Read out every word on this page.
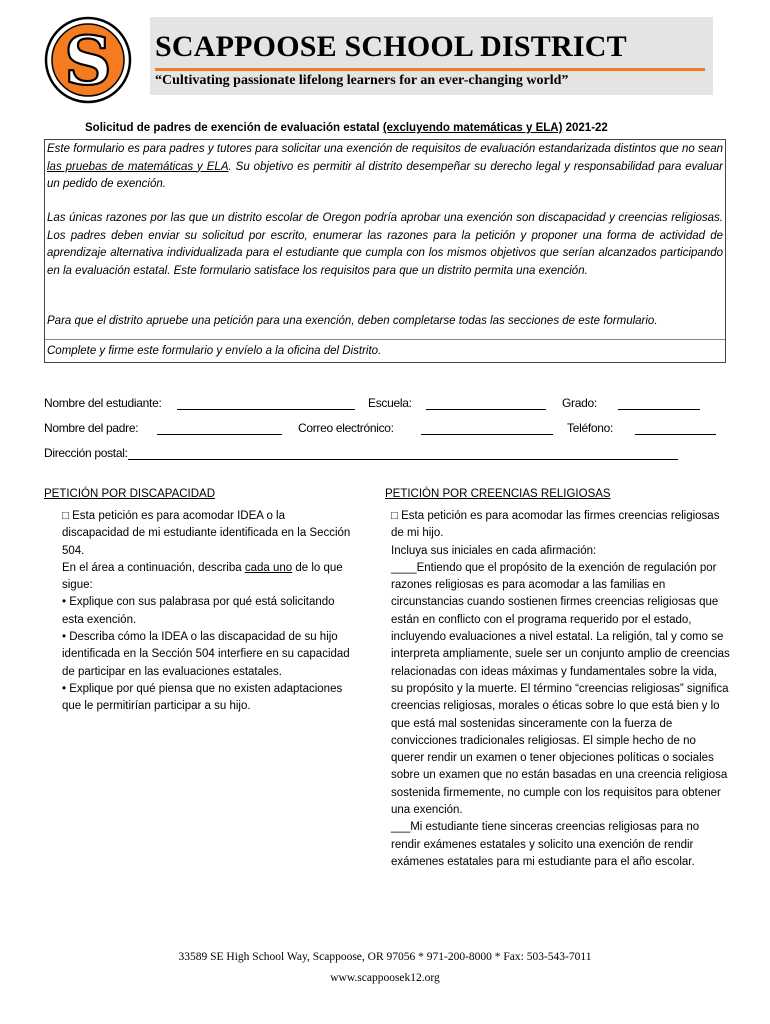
S SCAPPOOSE SCHOOL DISTRICT
“Cultivating passionate lifelong learners for an ever-changing world”
Solicitud de padres de exención de evaluación estatal (excluyendo matemáticas y ELA) 2021-22

Este formulario es para padres y tutores para solicitar una exención de requisitos de evaluación estandarizada distintos que no sean las pruebas de matemáticas y ELA. Su objetivo es permitir al distrito desempeñar su derecho legal y responsabilidad para evaluar un pedido de exención.

Las únicas razones por las que un distrito escolar de Oregon podría aprobar una exención son discapacidad y creencias religiosas. Los padres deben enviar su solicitud por escrito, enumerar las razones para la petición y proponer una forma de actividad de aprendizaje alternativa individualizada para el estudiante que cumpla con los mismos objetivos que serían alcanzados participando en la evaluación estatal. Este formulario satisface los requisitos para que un distrito permita una exención.

Para que el distrito apruebe una petición para una exención, deben completarse todas las secciones de este formulario.

Complete y firme este formulario y envíelo a la oficina del Distrito.

Nombre del estudiante:	Escuela:	Grado:
Nombre del padre:	Correo electrónico:	Teléfono:
Dirección postal:
PETICIÓN POR DISCAPACIDAD

□ Esta petición es para acomodar IDEA o la discapacidad de mi estudiante identificada en la Sección 504.

En el área a continuación, describa cada uno de lo que sigue:

• Explique con sus palabrasa por qué está solicitando esta exención.

• Describa cómo la IDEA o las discapacidad de su hijo identificada en la Sección 504 interfiere en su capacidad de participar en las evaluaciones estatales.

• Explique por qué piensa que no existen adaptaciones que le permitirían participar a su hijo.

PETICIÓN POR CREENCIAS RELIGIOSAS

□ Esta petición es para acomodar las firmes creencias religiosas de mi hijo.

Incluya sus iniciales en cada afirmación:

____Entiendo que el propósito de la exención de regulación por razones religiosas es para acomodar a las familias en circunstancias cuando sostienen firmes creencias religiosas que están en conflicto con el programa requerido por el estado, incluyendo evaluaciones a nivel estatal. La religión, tal y como se interpreta ampliamente, suele ser un conjunto amplio de creencias relacionadas con ideas máximas y fundamentales sobre la vida, su propósito y la muerte. El término “creencias religiosas” significa creencias religiosas, morales o éticas sobre lo que está bien y lo que está mal sostenidas sinceramente con la fuerza de convicciones tradicionales religiosas. El simple hecho de no querer rendir un examen o tener objeciones políticas o sociales sobre un examen que no están basadas en una creencia religiosa sostenida firmemente, no cumple con los requisitos para obtener una exención.

___Mi estudiante tiene sinceras creencias religiosas para no rendir exámenes estatales y solicito una exención de rendir exámenes estatales para mi estudiante para el año escolar.

33589 SE High School Way, Scappoose, OR 97056 * 971-200-8000 * Fax: 503-543-7011
www.scappoosek12.org
